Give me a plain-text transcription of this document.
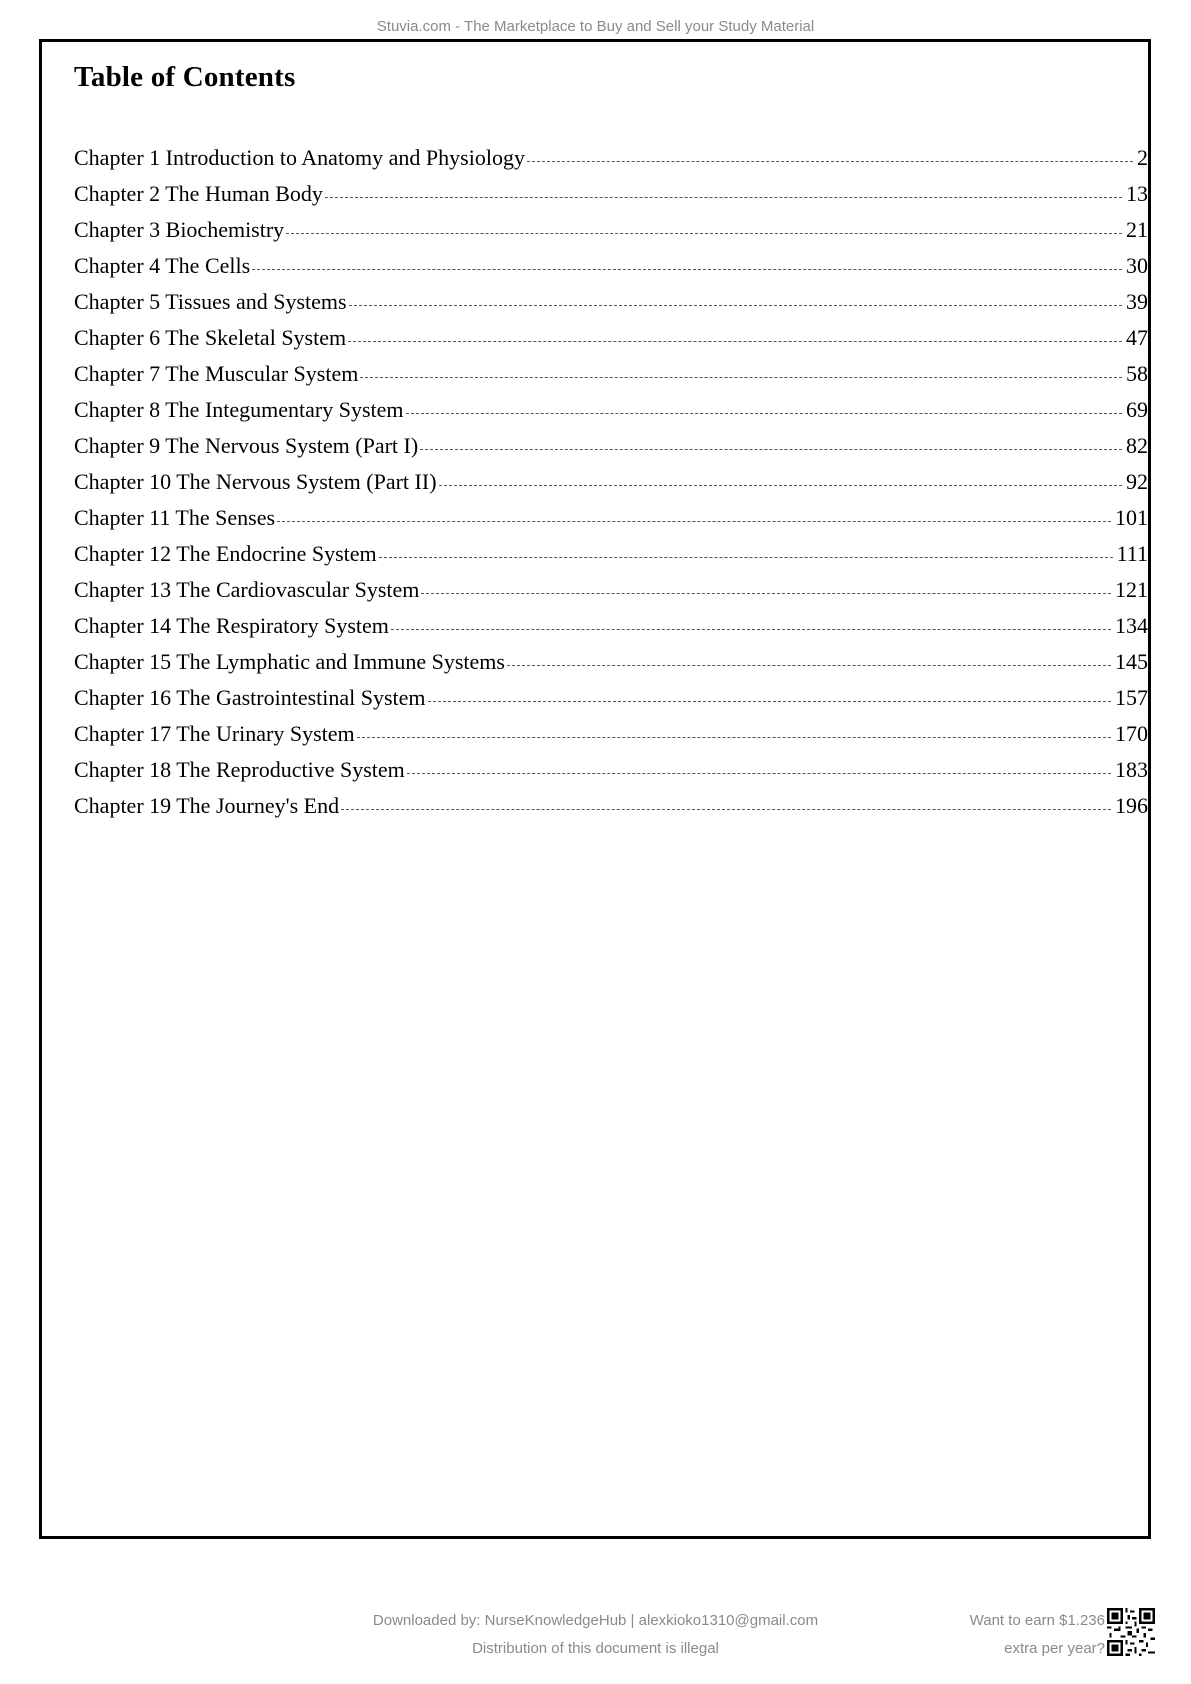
Stuvia.com - The Marketplace to Buy and Sell your Study Material
Table of Contents
Chapter 1 Introduction to Anatomy and Physiology	2
Chapter 2 The Human Body	13
Chapter 3 Biochemistry	21
Chapter 4 The Cells	30
Chapter 5 Tissues and Systems	39
Chapter 6 The Skeletal System	47
Chapter 7 The Muscular System	58
Chapter 8 The Integumentary System	69
Chapter 9 The Nervous System (Part I)	82
Chapter 10 The Nervous System (Part II)	92
Chapter 11 The Senses	101
Chapter 12 The Endocrine System	111
Chapter 13 The Cardiovascular System	121
Chapter 14 The Respiratory System	134
Chapter 15 The Lymphatic and Immune Systems	145
Chapter 16 The Gastrointestinal System	157
Chapter 17 The Urinary System	170
Chapter 18 The Reproductive System	183
Chapter 19 The Journey's End	196
Downloaded by: NurseKnowledgeHub | alexkioko1310@gmail.com
Distribution of this document is illegal
Want to earn $1.236
extra per year?
